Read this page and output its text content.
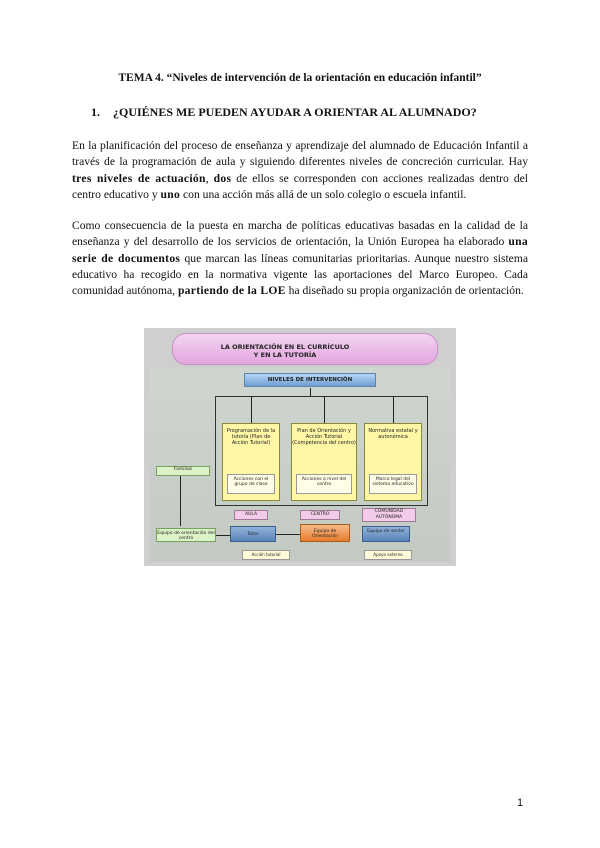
TEMA 4. “Niveles de intervención de la orientación en educación infantil”
1. ¿QUIÉNES ME PUEDEN AYUDAR A ORIENTAR AL ALUMNADO?

En la planificación del proceso de enseñanza y aprendizaje del alumnado de Educación Infantil a través de la programación de aula y siguiendo diferentes niveles de concreción curricular. Hay tres niveles de actuación, dos de ellos se corresponden con acciones realizadas dentro del centro educativo y uno con una acción más allá de un solo colegio o escuela infantil.

Como consecuencia de la puesta en marcha de políticas educativas basadas en la calidad de la enseñanza y del desarrollo de los servicios de orientación, la Unión Europea ha elaborado una serie de documentos que marcan las líneas comunitarias prioritarias. Aunque nuestro sistema educativo ha recogido en la normativa vigente las aportaciones del Marco Europeo. Cada comunidad autónoma, partiendo de la LOE ha diseñado su propia organización de orientación.

LA ORIENTACIÓN EN EL CURRÍCULO
Y EN LA TUTORÍA
NIVELES DE INTERVENCIÓN
Programación de la tutoría (Plan de Acción Tutorial)
Acciones con el grupo de clase
Plan de Orientación y Acción Tutorial (Competencia del centro)
Acciones a nivel del centro
Normativa estatal y autonómica
Marco legal del sistema educativo
Familias
AULA	CENTRO
COMUNIDAD AUTÓNOMA
Equipo de orientación del centro
Tutor
Equipo de Orientación
Equipo de sector
Acción tutorial	Apoyo externo
1
